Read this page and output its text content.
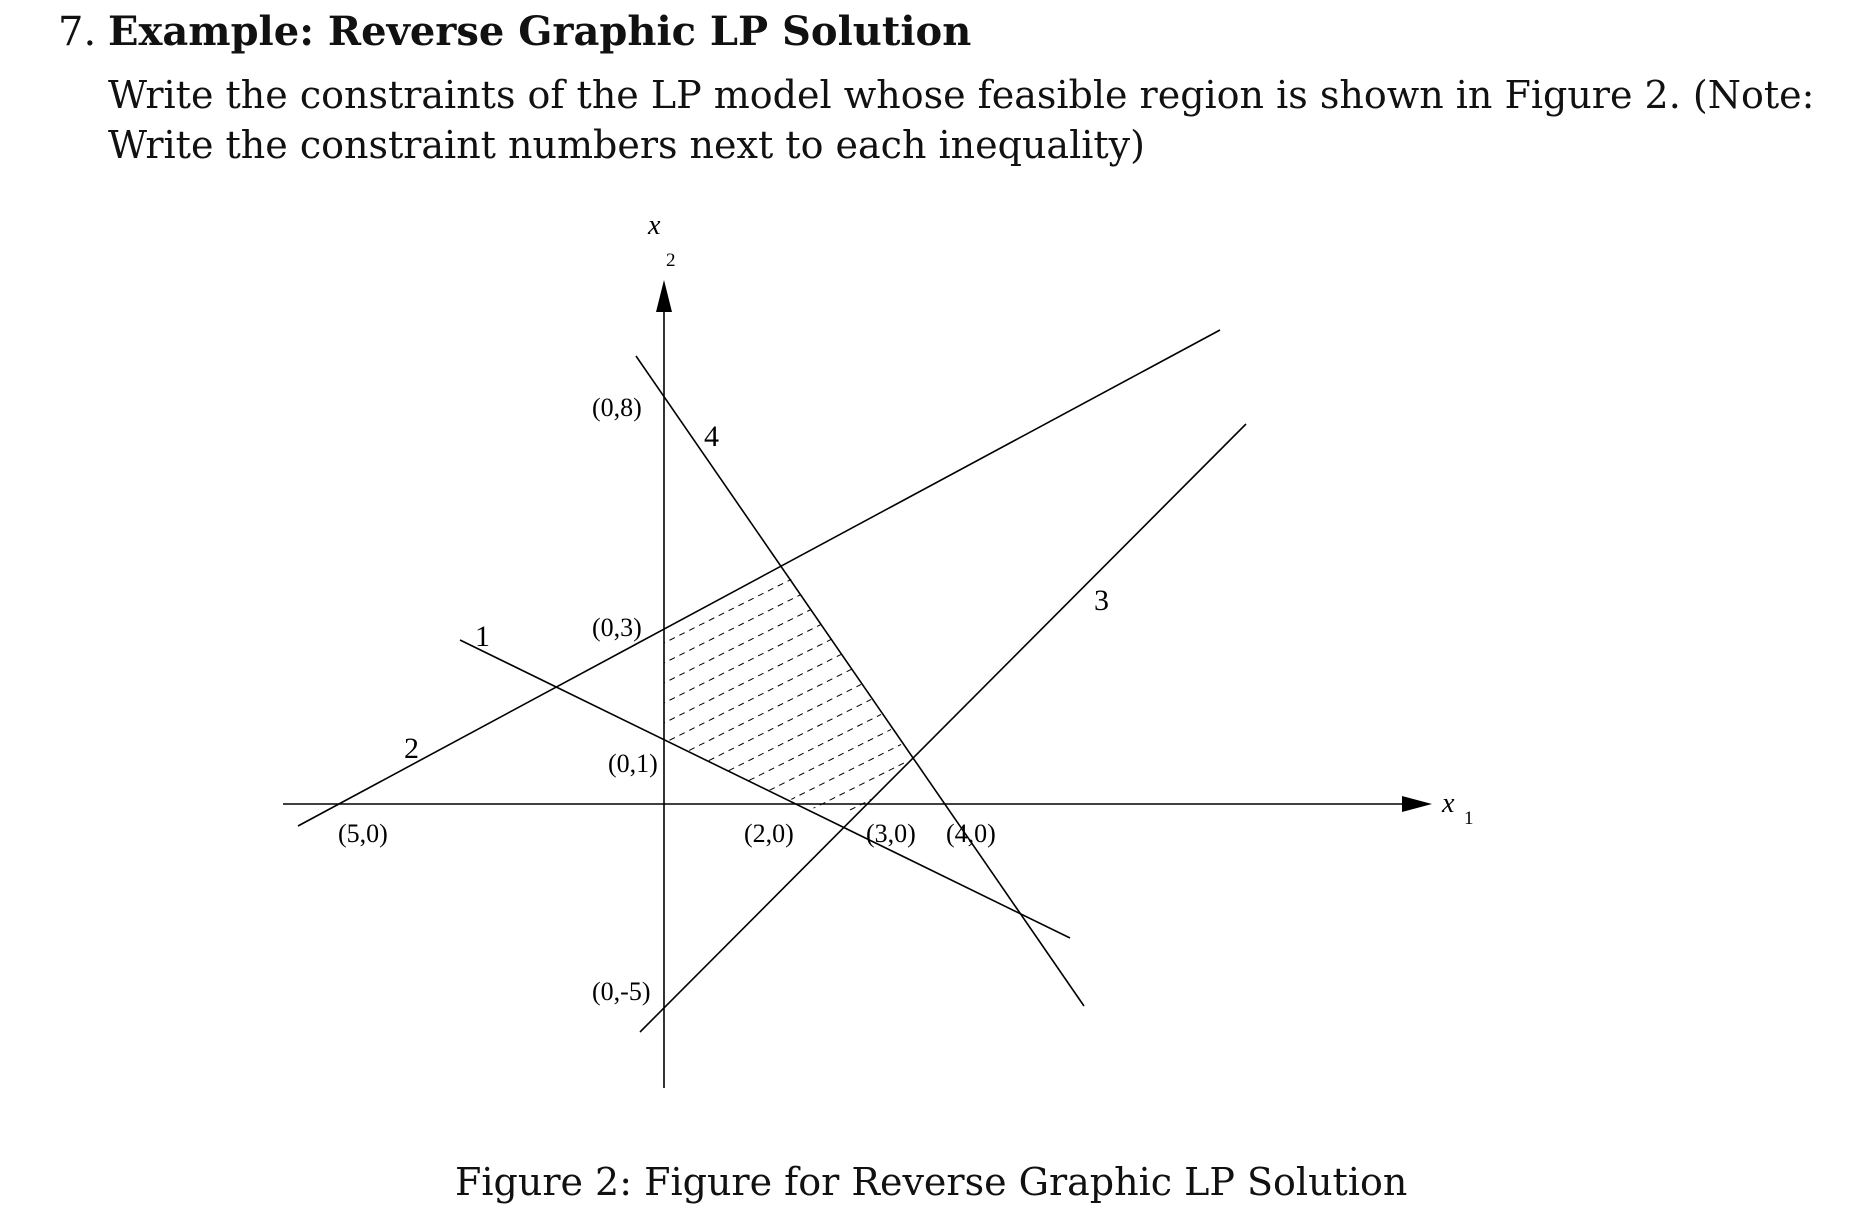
7. Example: Reverse Graphic LP Solution

Write the constraints of the LP model whose feasible region is shown in Figure 2. (Note: Write the constraint numbers next to each inequality)

(0,8)
(0,3)
(0,1)
(0,-5)
(5,0)	(2,0)	(3,0) (4,0)
1
2
3
4
x
2
x 1

Figure 2: Figure for Reverse Graphic LP Solution
